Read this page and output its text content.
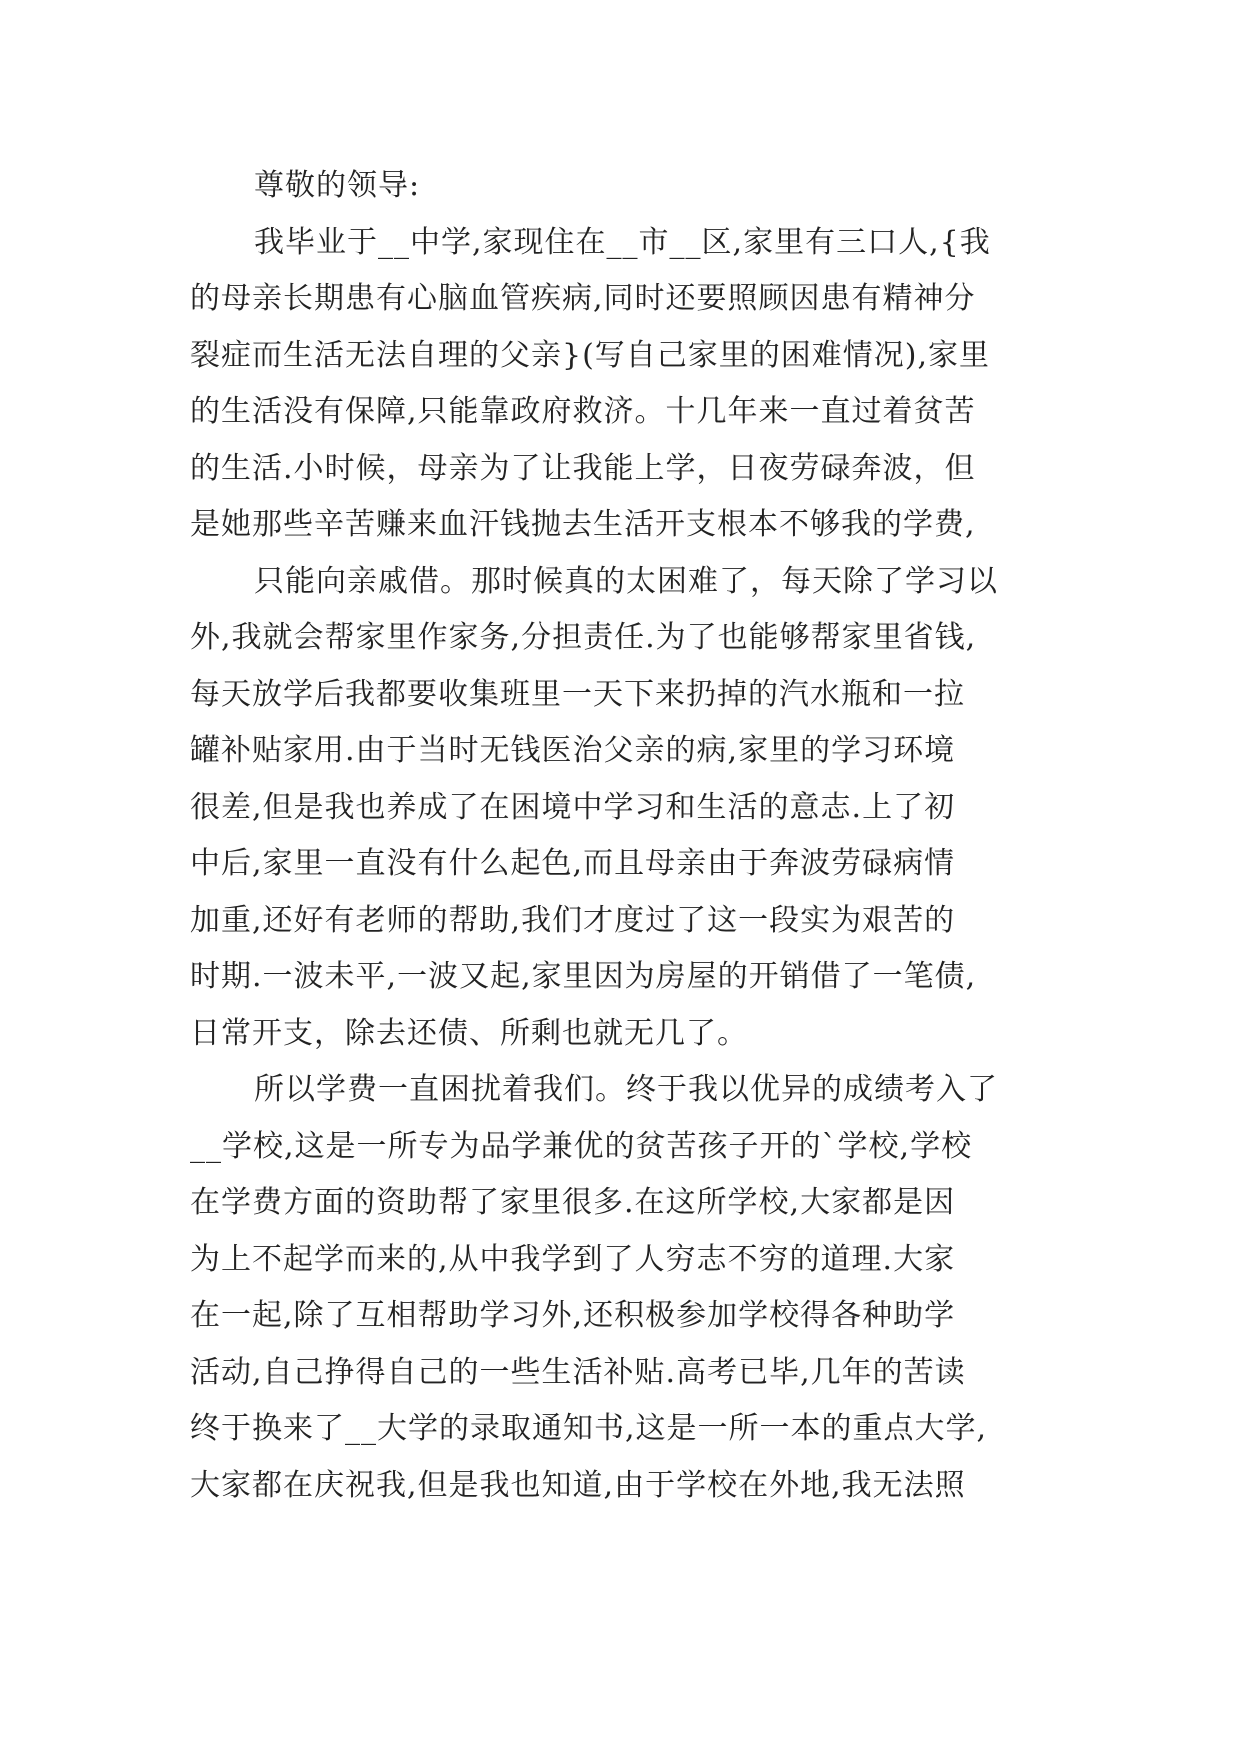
尊敬的领导:
我毕业于__中学,家现住在__市__区,家里有三口人,{我
的母亲长期患有心脑血管疾病,同时还要照顾因患有精神分
裂症而生活无法自理的父亲}(写自己家里的困难情况),家里
的生活没有保障,只能靠政府救济。十几年来一直过着贫苦
的生活.小时候，母亲为了让我能上学，日夜劳碌奔波，但
是她那些辛苦赚来血汗钱抛去生活开支根本不够我的学费,
只能向亲戚借。那时候真的太困难了，每天除了学习以
外,我就会帮家里作家务,分担责任.为了也能够帮家里省钱,
每天放学后我都要收集班里一天下来扔掉的汽水瓶和一拉
罐补贴家用.由于当时无钱医治父亲的病,家里的学习环境
很差,但是我也养成了在困境中学习和生活的意志.上了初
中后,家里一直没有什么起色,而且母亲由于奔波劳碌病情
加重,还好有老师的帮助,我们才度过了这一段实为艰苦的
时期.一波未平,一波又起,家里因为房屋的开销借了一笔债,
日常开支，除去还债、所剩也就无几了。
所以学费一直困扰着我们。终于我以优异的成绩考入了
__学校,这是一所专为品学兼优的贫苦孩子开的`学校,学校
在学费方面的资助帮了家里很多.在这所学校,大家都是因
为上不起学而来的,从中我学到了人穷志不穷的道理.大家
在一起,除了互相帮助学习外,还积极参加学校得各种助学
活动,自己挣得自己的一些生活补贴.高考已毕,几年的苦读
终于换来了__大学的录取通知书,这是一所一本的重点大学,
大家都在庆祝我,但是我也知道,由于学校在外地,我无法照
